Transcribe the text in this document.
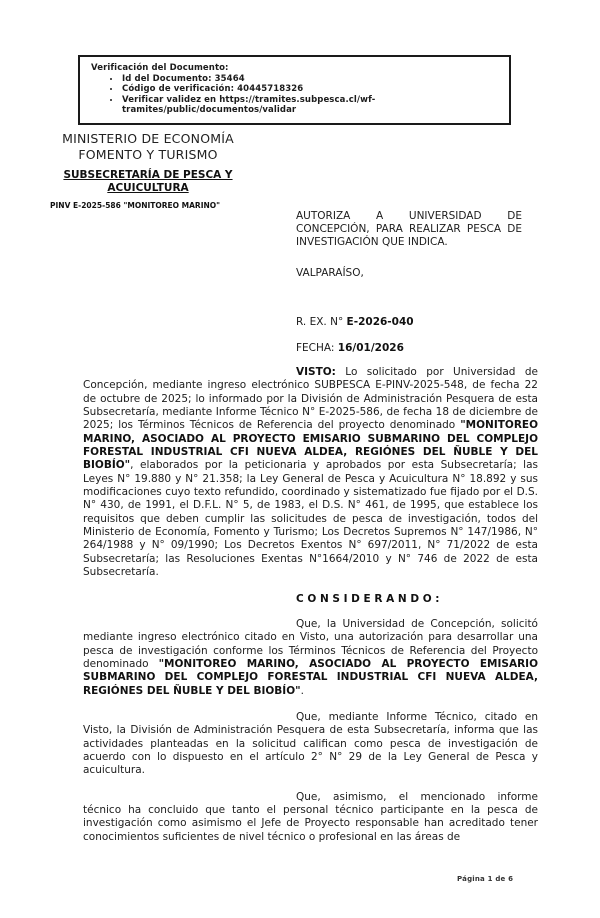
Verificación del Documento:
• Id del Documento: 35464
• Código de verificación: 40445718326
• Verificar validez en https://tramites.subpesca.cl/wf-tramites/public/documentos/validar
MINISTERIO DE ECONOMÍA
FOMENTO Y TURISMO
SUBSECRETARÍA DE PESCA Y ACUICULTURA
PINV E-2025-586 "MONITOREO MARINO"
AUTORIZA A UNIVERSIDAD DE CONCEPCIÓN, PARA REALIZAR PESCA DE INVESTIGACIÓN QUE INDICA.
VALPARAÍSO,
R. EX. N° E-2026-040
FECHA: 16/01/2026

VISTO: Lo solicitado por Universidad de Concepción, mediante ingreso electrónico SUBPESCA E-PINV-2025-548, de fecha 22 de octubre de 2025; lo informado por la División de Administración Pesquera de esta Subsecretaría, mediante Informe Técnico N° E-2025-586, de fecha 18 de diciembre de 2025; los Términos Técnicos de Referencia del proyecto denominado "MONITOREO MARINO, ASOCIADO AL PROYECTO EMISARIO SUBMARINO DEL COMPLEJO FORESTAL INDUSTRIAL CFI NUEVA ALDEA, REGIÓNES DEL ÑUBLE Y DEL BIOBÍO", elaborados por la peticionaria y aprobados por esta Subsecretaría; las Leyes N° 19.880 y N° 21.358; la Ley General de Pesca y Acuicultura N° 18.892 y sus modificaciones cuyo texto refundido, coordinado y sistematizado fue fijado por el D.S. N° 430, de 1991, el D.F.L. N° 5, de 1983, el D.S. N° 461, de 1995, que establece los requisitos que deben cumplir las solicitudes de pesca de investigación, todos del Ministerio de Economía, Fomento y Turismo; Los Decretos Supremos N° 147/1986, N° 264/1988 y N° 09/1990; Los Decretos Exentos N° 697/2011, N° 71/2022 de esta Subsecretaría; las Resoluciones Exentas N°1664/2010 y N° 746 de 2022 de esta Subsecretaría.

C O N S I D E R A N D O :

Que, la Universidad de Concepción, solicitó mediante ingreso electrónico citado en Visto, una autorización para desarrollar una pesca de investigación conforme los Términos Técnicos de Referencia del Proyecto denominado "MONITOREO MARINO, ASOCIADO AL PROYECTO EMISARIO SUBMARINO DEL COMPLEJO FORESTAL INDUSTRIAL CFI NUEVA ALDEA, REGIÓNES DEL ÑUBLE Y DEL BIOBÍO".

Que, mediante Informe Técnico, citado en Visto, la División de Administración Pesquera de esta Subsecretaría, informa que las actividades planteadas en la solicitud califican como pesca de investigación de acuerdo con lo dispuesto en el artículo 2° N° 29 de la Ley General de Pesca y acuicultura.

Que, asimismo, el mencionado informe técnico ha concluido que tanto el personal técnico participante en la pesca de investigación como asimismo el Jefe de Proyecto responsable han acreditado tener conocimientos suficientes de nivel técnico o profesional en las áreas de

Página 1 de 6
